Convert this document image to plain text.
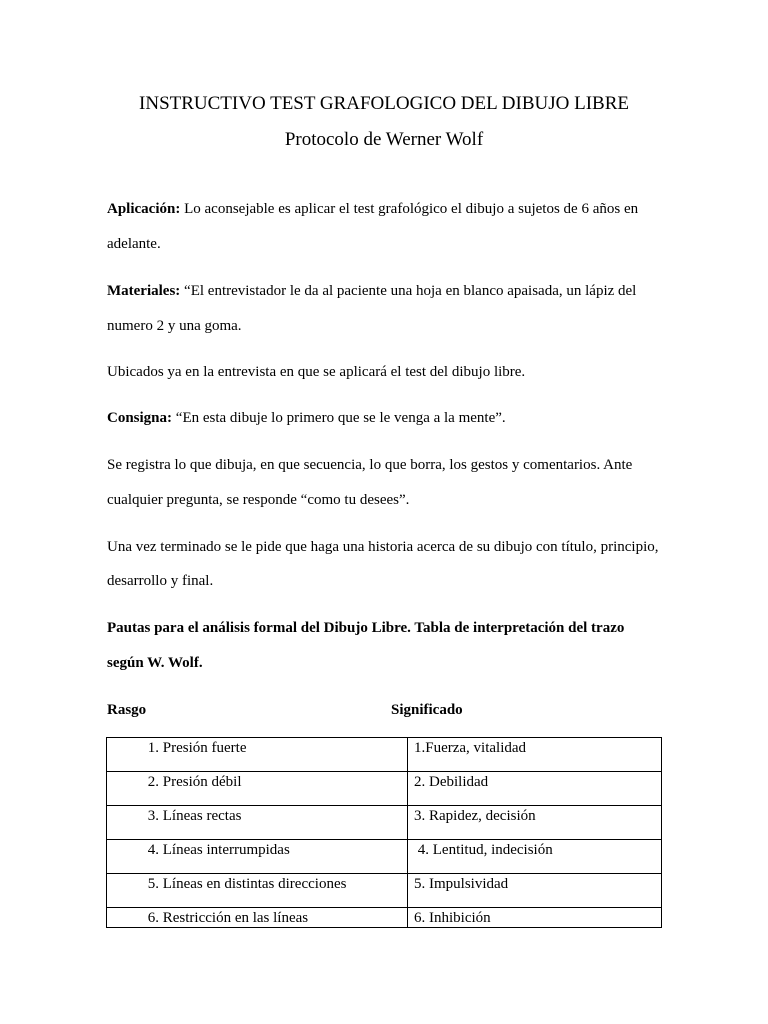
INSTRUCTIVO TEST GRAFOLOGICO DEL DIBUJO LIBRE
Protocolo de Werner Wolf
Aplicación: Lo aconsejable es aplicar el test grafológico el dibujo a sujetos de 6 años en
adelante.
Materiales: “El entrevistador le da al paciente una hoja en blanco apaisada, un lápiz del
numero 2 y una goma.
Ubicados ya en la entrevista en que se aplicará el test del dibujo libre.
Consigna: “En esta dibuje lo primero que se le venga a la mente”.
Se registra lo que dibuja, en que secuencia, lo que borra, los gestos y comentarios. Ante
cualquier pregunta, se responde “como tu desees”.
Una vez terminado se le pide que haga una historia acerca de su dibujo con título, principio,
desarrollo y final.
Pautas para el análisis formal del Dibujo Libre. Tabla de interpretación del trazo
según W. Wolf.
Rasgo	Significado
1. Presión fuerte	1.Fuerza, vitalidad

2. Presión débil	2. Debilidad

3. Líneas rectas	3. Rapidez, decisión

4. Líneas interrumpidas	4. Lentitud, indecisión

5. Líneas en distintas direcciones	5. Impulsividad

6. Restricción en las líneas	6. Inhibición
